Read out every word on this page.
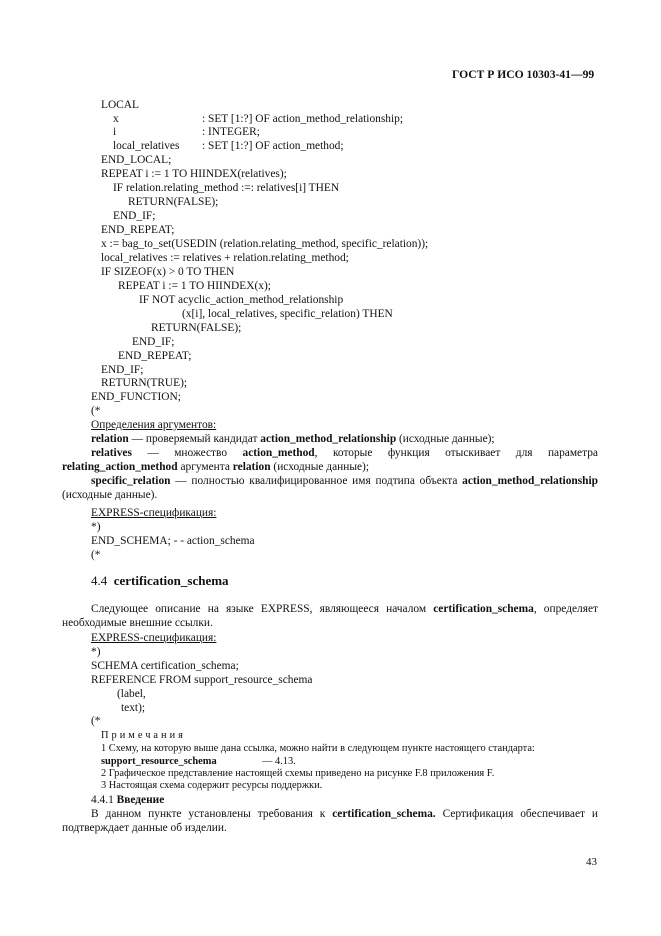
ГОСТ Р ИСО 10303-41—99
LOCAL
x	: SET [1:?] OF action_method_relationship;
i	: INTEGER;
local_relatives : SET [1:?] OF action_method;
END_LOCAL;
REPEAT i := 1 TO HIINDEX(relatives);
IF relation.relating_method :=: relatives[i] THEN
RETURN(FALSE);
END_IF;
END_REPEAT;
x := bag_to_set(USEDIN (relation.relating_method, specific_relation));
local_relatives := relatives + relation.relating_method;
IF SIZEOF(x) > 0 TO THEN
REPEAT i := 1 TO HIINDEX(x);
IF NOT acyclic_action_method_relationship
(x[i], local_relatives, specific_relation) THEN
RETURN(FALSE);
END_IF;
END_REPEAT;
END_IF;
RETURN(TRUE);
END_FUNCTION;
(*
Определения аргументов:
relation — проверяемый кандидат action_method_relationship (исходные данные);
relatives — множество action_method, которые функция отыскивает для параметра
relating_action_method аргумента relation (исходные данные);
specific_relation — полностью квалифицированное имя подтипа объекта action_method_relationship
(исходные данные).
EXPRESS-спецификация:
*)
END_SCHEMA; - - action_schema
(*
4.4 certification_schema
Следующее описание на языке EXPRESS, являющееся началом certification_schema, определяет
необходимые внешние ссылки.
EXPRESS-спецификация:
*)
SCHEMA certification_schema;
REFERENCE FROM support_resource_schema
(label,
text);
(*
Примечания
1 Схему, на которую выше дана ссылка, можно найти в следующем пункте настоящего стандарта:
support_resource_schema	— 4.13.
2 Графическое представление настоящей схемы приведено на рисунке F.8 приложения F.
3 Настоящая схема содержит ресурсы поддержки.
4.4.1 Введение
В данном пункте установлены требования к certification_schema. Сертификация обеспечивает и
подтверждает данные об изделии.
43
